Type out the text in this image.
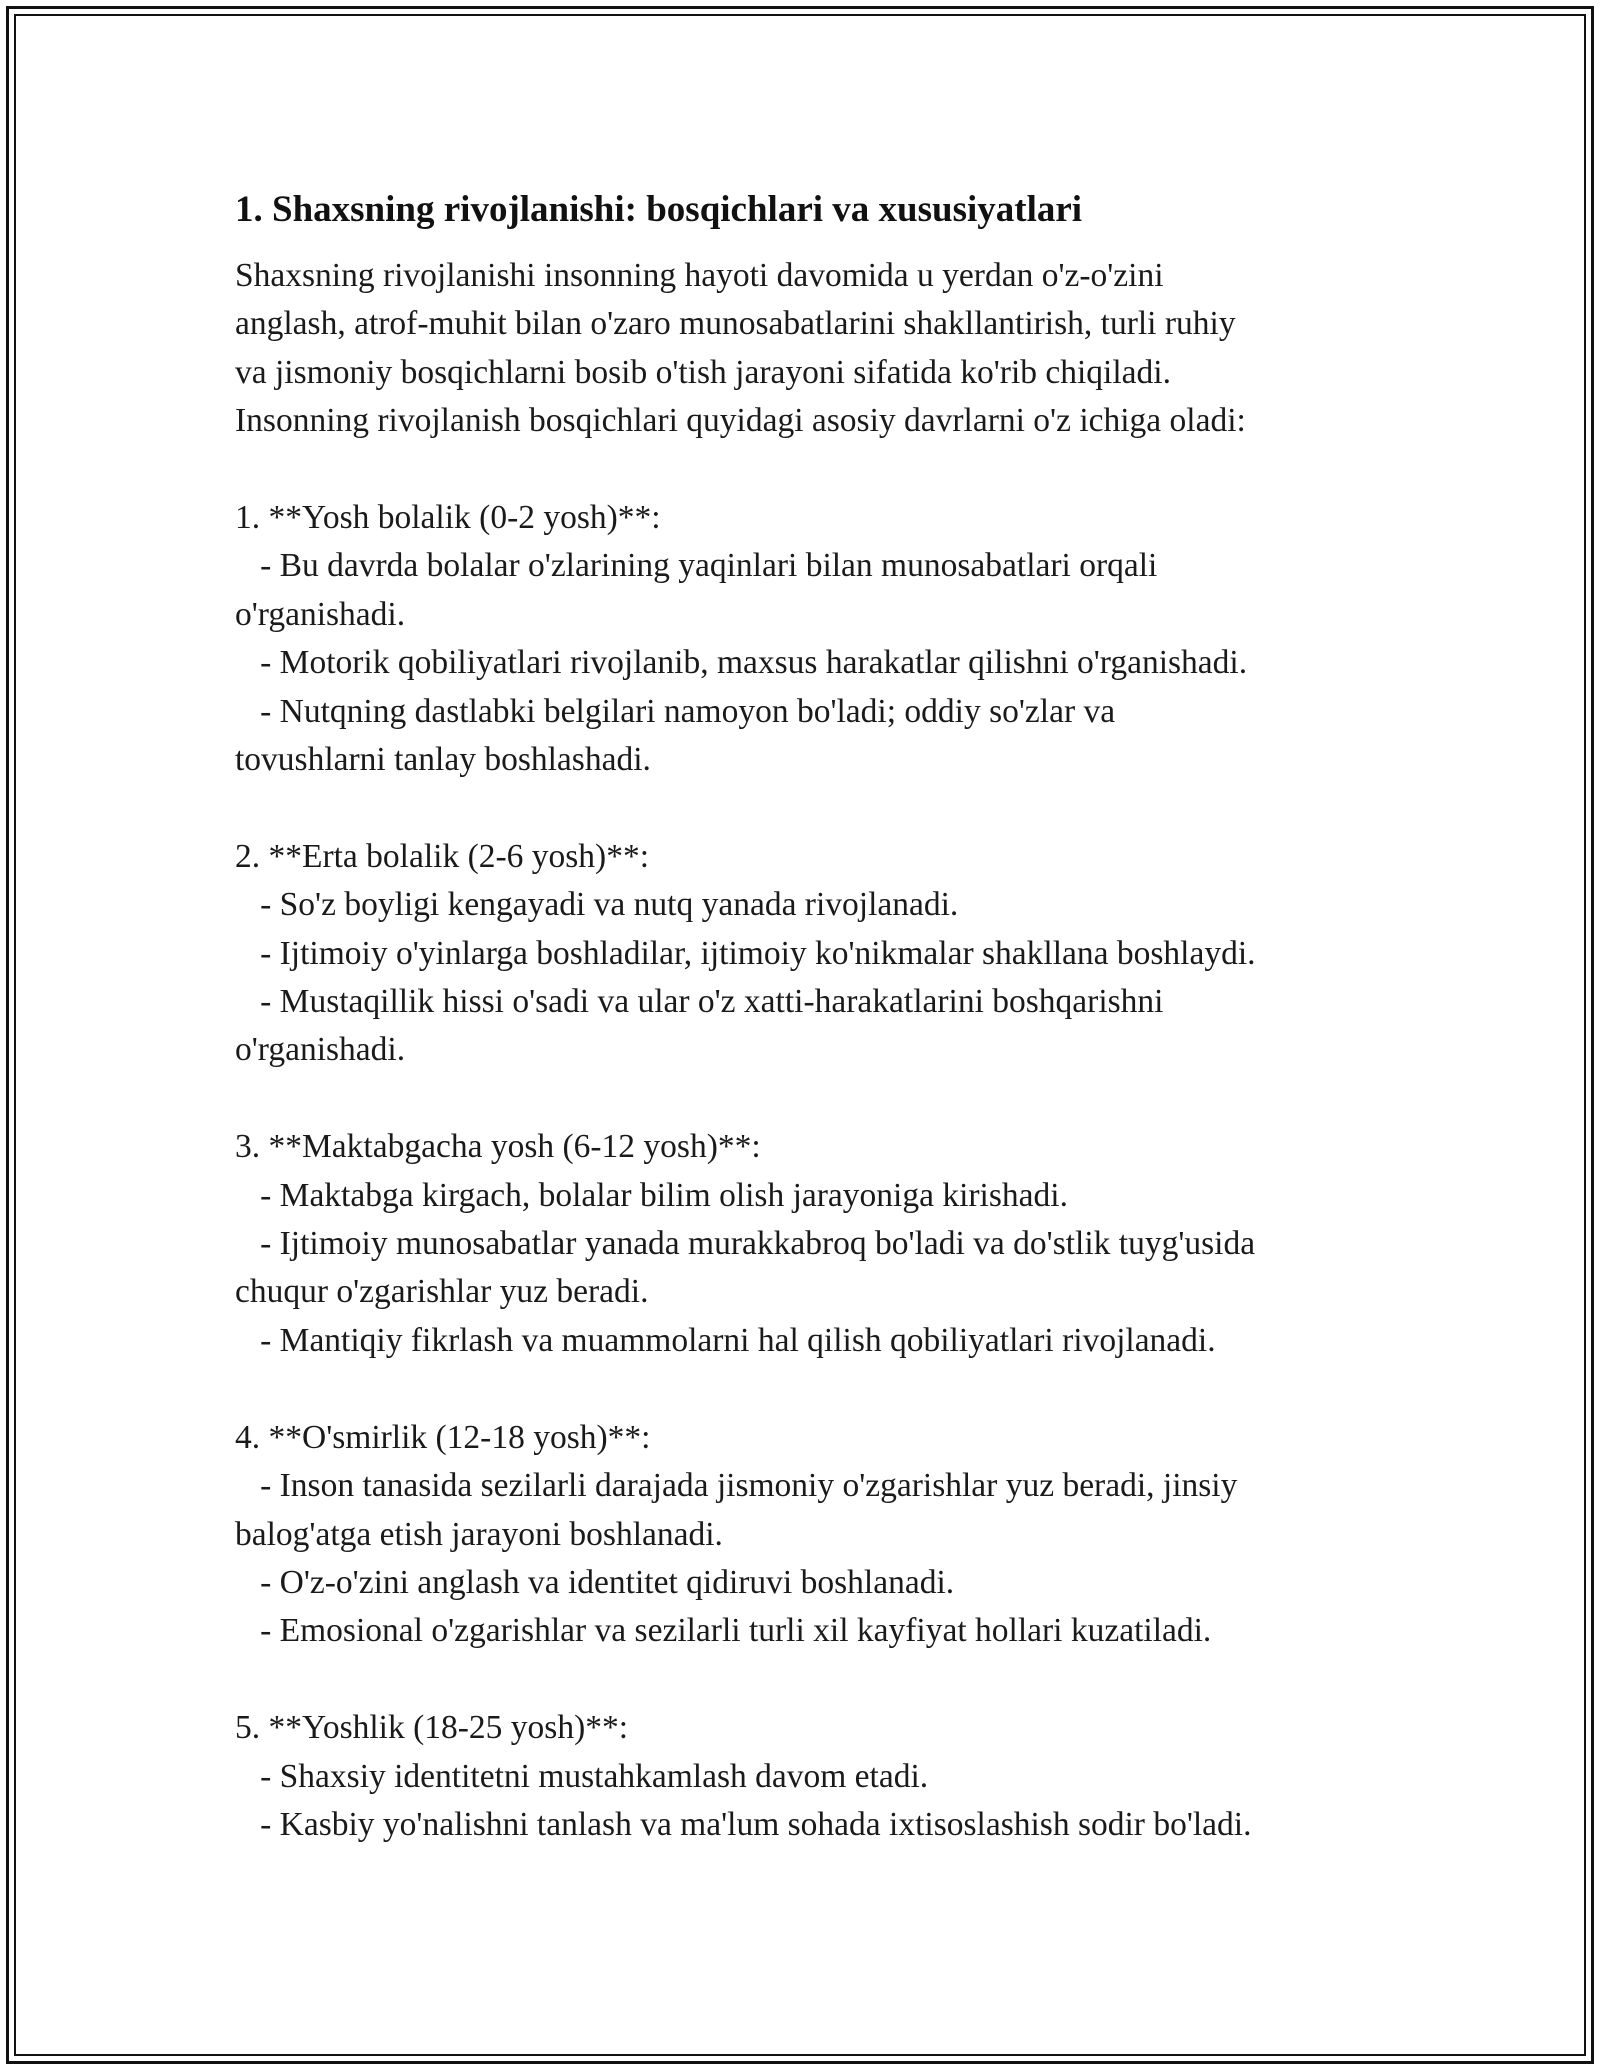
1. Shaxsning rivojlanishi: bosqichlari va xususiyatlari
Shaxsning rivojlanishi insonning hayoti davomida u yerdan o'z-o'zini
anglash, atrof-muhit bilan o'zaro munosabatlarini shakllantirish, turli ruhiy
va jismoniy bosqichlarni bosib o'tish jarayoni sifatida ko'rib chiqiladi.
Insonning rivojlanish bosqichlari quyidagi asosiy davrlarni o'z ichiga oladi:
1. **Yosh bolalik (0-2 yosh)**:
- Bu davrda bolalar o'zlarining yaqinlari bilan munosabatlari orqali
o'rganishadi.
- Motorik qobiliyatlari rivojlanib, maxsus harakatlar qilishni o'rganishadi.
- Nutqning dastlabki belgilari namoyon bo'ladi; oddiy so'zlar va
tovushlarni tanlay boshlashadi.
2. **Erta bolalik (2-6 yosh)**:
- So'z boyligi kengayadi va nutq yanada rivojlanadi.
- Ijtimoiy o'yinlarga boshladilar, ijtimoiy ko'nikmalar shakllana boshlaydi.
- Mustaqillik hissi o'sadi va ular o'z xatti-harakatlarini boshqarishni
o'rganishadi.
3. **Maktabgacha yosh (6-12 yosh)**:
- Maktabga kirgach, bolalar bilim olish jarayoniga kirishadi.
- Ijtimoiy munosabatlar yanada murakkabroq bo'ladi va do'stlik tuyg'usida
chuqur o'zgarishlar yuz beradi.
- Mantiqiy fikrlash va muammolarni hal qilish qobiliyatlari rivojlanadi.
4. **O'smirlik (12-18 yosh)**:
- Inson tanasida sezilarli darajada jismoniy o'zgarishlar yuz beradi, jinsiy
balog'atga etish jarayoni boshlanadi.
- O'z-o'zini anglash va identitet qidiruvi boshlanadi.
- Emosional o'zgarishlar va sezilarli turli xil kayfiyat hollari kuzatiladi.
5. **Yoshlik (18-25 yosh)**:
- Shaxsiy identitetni mustahkamlash davom etadi.
- Kasbiy yo'nalishni tanlash va ma'lum sohada ixtisoslashish sodir bo'ladi.
